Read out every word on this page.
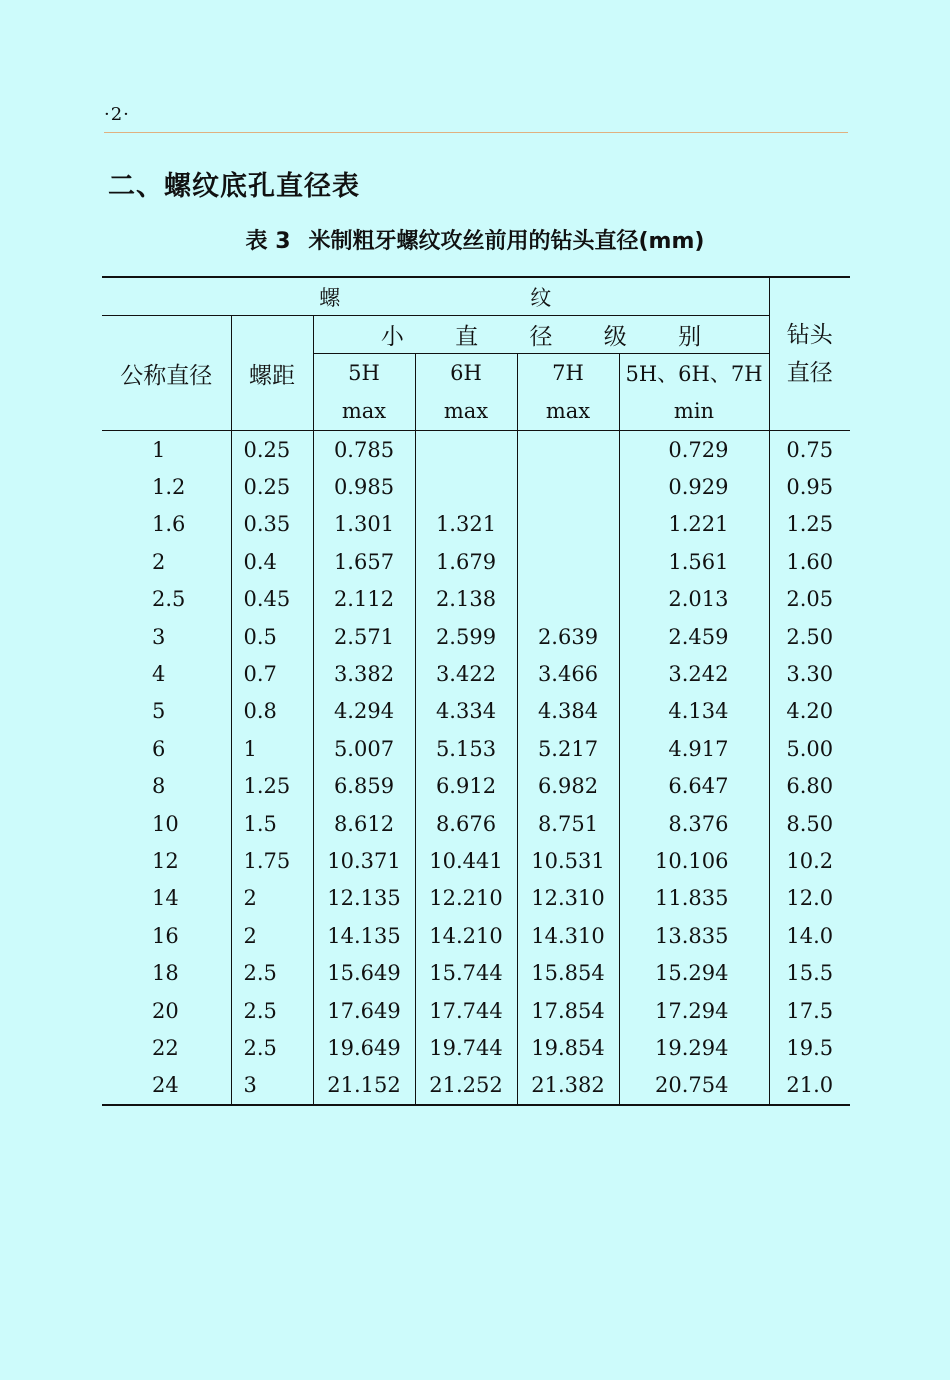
·2·
二、螺纹底孔直径表
表 3 米制粗牙螺纹攻丝前用的钻头直径(mm)
螺 纹						钻头
直径

公称直径	螺距	小 直 径 级 别				
		5H	6H	7H	5H、6H、7H	
		max	max	max	min	
1	0.25	0.785			0.729	0.75
1.2	0.25	0.985			0.929	0.95
1.6	0.35	1.301	1.321		1.221	1.25
2	0.4	1.657	1.679		1.561	1.60
2.5	0.45	2.112	2.138		2.013	2.05
3	0.5	2.571	2.599	2.639	2.459	2.50
4	0.7	3.382	3.422	3.466	3.242	3.30
5	0.8	4.294	4.334	4.384	4.134	4.20
6	1	5.007	5.153	5.217	4.917	5.00
8	1.25	6.859	6.912	6.982	6.647	6.80
10	1.5	8.612	8.676	8.751	8.376	8.50
12	1.75	10.371	10.441	10.531	10.106	10.2
14	2	12.135	12.210	12.310	11.835	12.0
16	2	14.135	14.210	14.310	13.835	14.0
18	2.5	15.649	15.744	15.854	15.294	15.5
20	2.5	17.649	17.744	17.854	17.294	17.5
22	2.5	19.649	19.744	19.854	19.294	19.5
24	3	21.152	21.252	21.382	20.754	21.0
